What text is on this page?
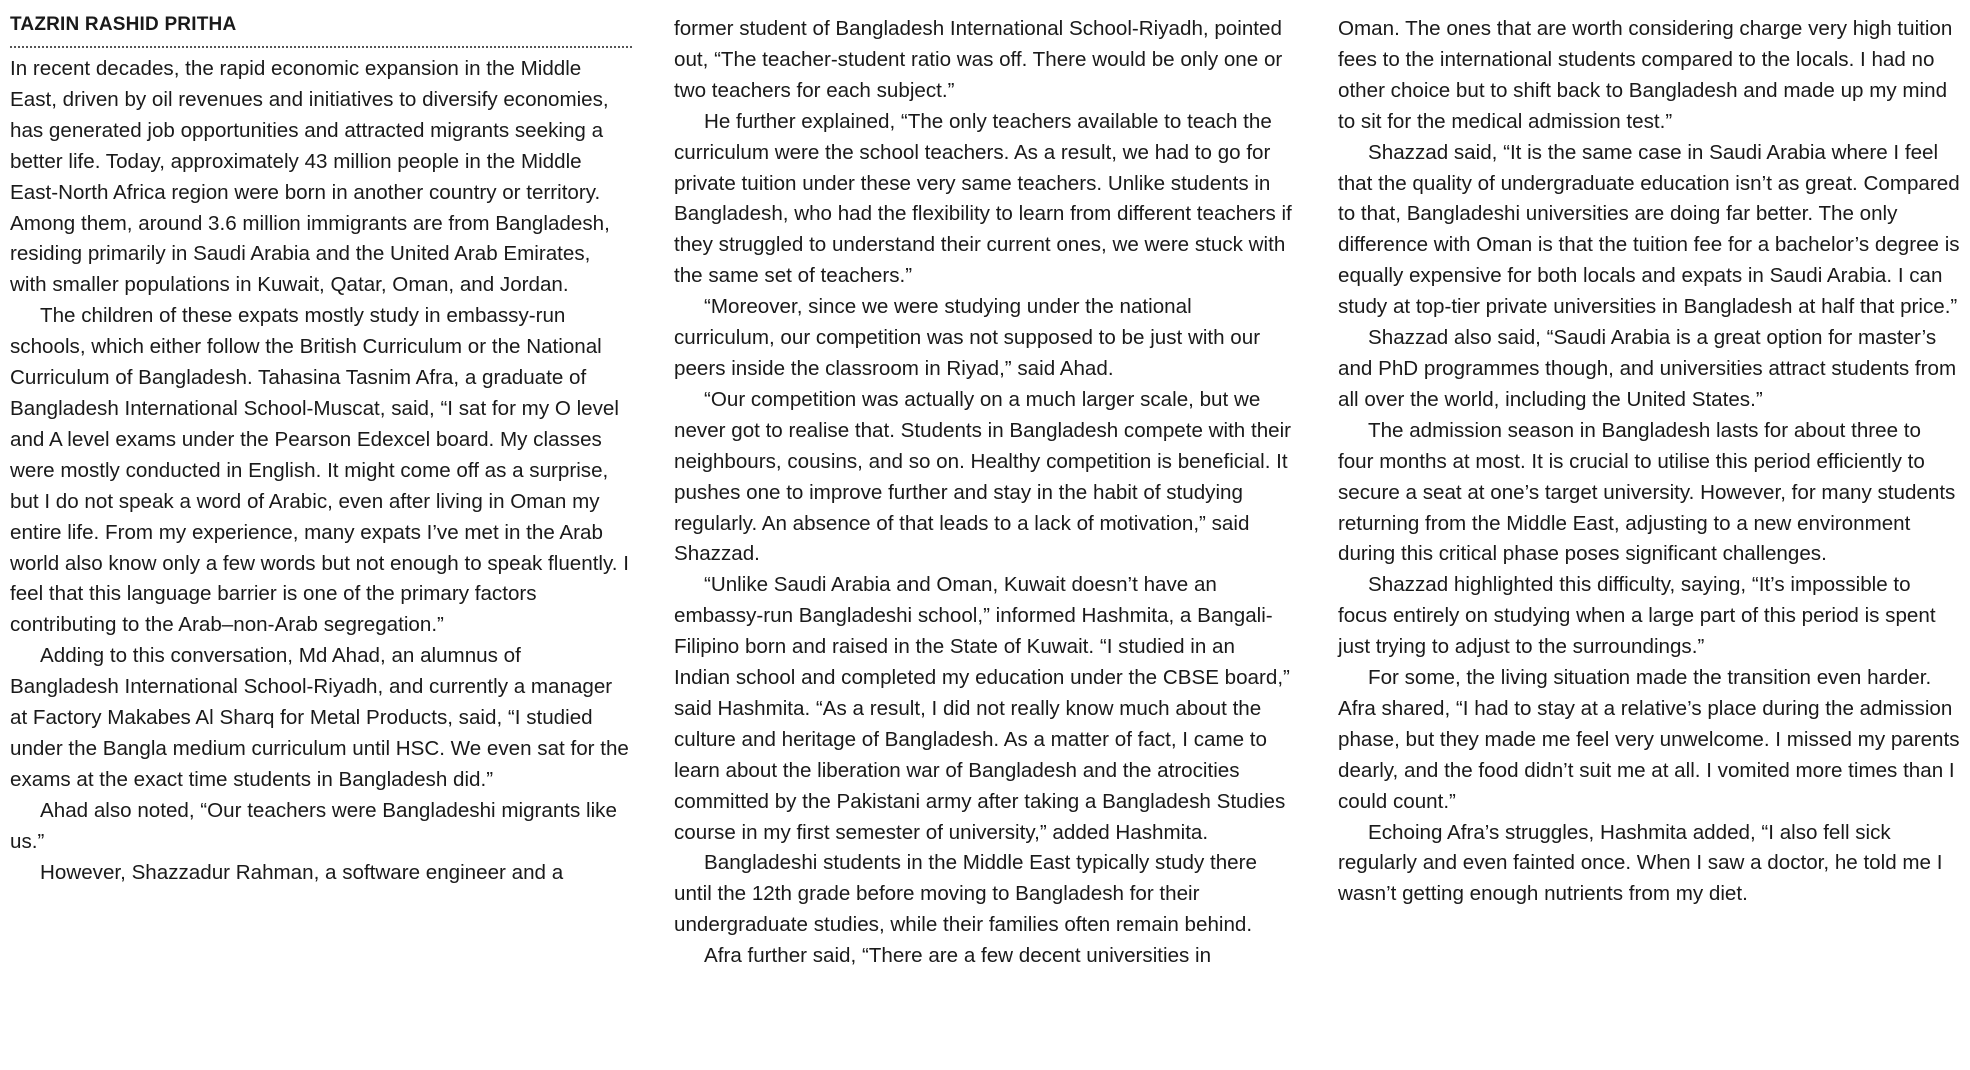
TAZRIN RASHID PRITHA

In recent decades, the rapid economic expansion in the Middle East, driven by oil revenues and initiatives to diversify economies, has generated job opportunities and attracted migrants seeking a better life. Today, approximately 43 million people in the Middle East-North Africa region were born in another country or territory. Among them, around 3.6 million immigrants are from Bangladesh, residing primarily in Saudi Arabia and the United Arab Emirates, with smaller populations in Kuwait, Qatar, Oman, and Jordan.

The children of these expats mostly study in embassy-run schools, which either follow the British Curriculum or the National Curriculum of Bangladesh. Tahasina Tasnim Afra, a graduate of Bangladesh International School-Muscat, said, “I sat for my O level and A level exams under the Pearson Edexcel board. My classes were mostly conducted in English. It might come off as a surprise, but I do not speak a word of Arabic, even after living in Oman my entire life. From my experience, many expats I’ve met in the Arab world also know only a few words but not enough to speak fluently. I feel that this language barrier is one of the primary factors contributing to the Arab–non-Arab segregation.”

Adding to this conversation, Md Ahad, an alumnus of Bangladesh International School-Riyadh, and currently a manager at Factory Makabes Al Sharq for Metal Products, said, “I studied under the Bangla medium curriculum until HSC. We even sat for the exams at the exact time students in Bangladesh did.”

Ahad also noted, “Our teachers were Bangladeshi migrants like us.”

However, Shazzadur Rahman, a software engineer and a

former student of Bangladesh International School-Riyadh, pointed out, “The teacher-student ratio was off. There would be only one or two teachers for each subject.”

He further explained, “The only teachers available to teach the curriculum were the school teachers. As a result, we had to go for private tuition under these very same teachers. Unlike students in Bangladesh, who had the flexibility to learn from different teachers if they struggled to understand their current ones, we were stuck with the same set of teachers.”

“Moreover, since we were studying under the national curriculum, our competition was not supposed to be just with our peers inside the classroom in Riyad,” said Ahad.

“Our competition was actually on a much larger scale, but we never got to realise that. Students in Bangladesh compete with their neighbours, cousins, and so on. Healthy competition is beneficial. It pushes one to improve further and stay in the habit of studying regularly. An absence of that leads to a lack of motivation,” said Shazzad.

“Unlike Saudi Arabia and Oman, Kuwait doesn’t have an embassy-run Bangladeshi school,” informed Hashmita, a Bangali-Filipino born and raised in the State of Kuwait. “I studied in an Indian school and completed my education under the CBSE board,” said Hashmita. “As a result, I did not really know much about the culture and heritage of Bangladesh. As a matter of fact, I came to learn about the liberation war of Bangladesh and the atrocities committed by the Pakistani army after taking a Bangladesh Studies course in my first semester of university,” added Hashmita.

Bangladeshi students in the Middle East typically study there until the 12th grade before moving to Bangladesh for their undergraduate studies, while their families often remain behind.

Afra further said, “There are a few decent universities in

Oman. The ones that are worth considering charge very high tuition fees to the international students compared to the locals. I had no other choice but to shift back to Bangladesh and made up my mind to sit for the medical admission test.”

Shazzad said, “It is the same case in Saudi Arabia where I feel that the quality of undergraduate education isn’t as great. Compared to that, Bangladeshi universities are doing far better. The only difference with Oman is that the tuition fee for a bachelor’s degree is equally expensive for both locals and expats in Saudi Arabia. I can study at top-tier private universities in Bangladesh at half that price.”

Shazzad also said, “Saudi Arabia is a great option for master’s and PhD programmes though, and universities attract students from all over the world, including the United States.”

The admission season in Bangladesh lasts for about three to four months at most. It is crucial to utilise this period efficiently to secure a seat at one’s target university. However, for many students returning from the Middle East, adjusting to a new environment during this critical phase poses significant challenges.

Shazzad highlighted this difficulty, saying, “It’s impossible to focus entirely on studying when a large part of this period is spent just trying to adjust to the surroundings.”

For some, the living situation made the transition even harder. Afra shared, “I had to stay at a relative’s place during the admission phase, but they made me feel very unwelcome. I missed my parents dearly, and the food didn’t suit me at all. I vomited more times than I could count.”

Echoing Afra’s struggles, Hashmita added, “I also fell sick regularly and even fainted once. When I saw a doctor, he told me I wasn’t getting enough nutrients from my diet.
